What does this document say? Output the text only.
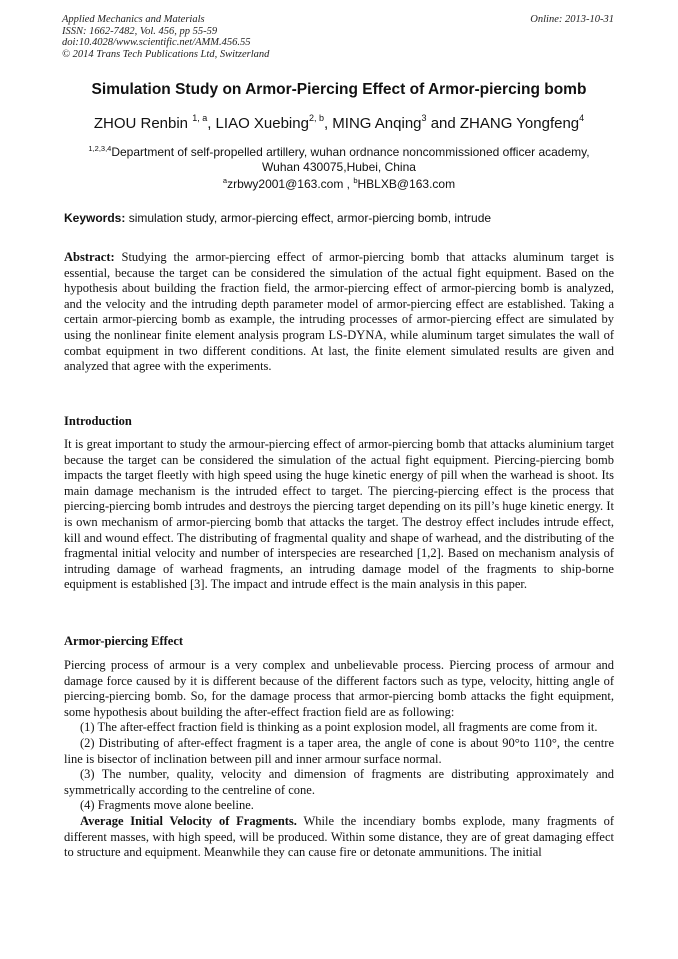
Applied Mechanics and Materials
ISSN: 1662-7482, Vol. 456, pp 55-59
doi:10.4028/www.scientific.net/AMM.456.55
© 2014 Trans Tech Publications Ltd, Switzerland
Online: 2013-10-31
Simulation Study on Armor-Piercing Effect of Armor-piercing bomb
ZHOU Renbin $^{1, a}$, LIAO Xuebing$^{2, b}$, MING Anqing$^3$ and ZHANG Yongfeng$^4$
$^{1,2,3,4}$Department of self-propelled artillery, wuhan ordnance noncommissioned officer academy,
Wuhan 430075,Hubei, China
$^a$zrbwy2001@163.com , $^b$HBLXB@163.com
Keywords: simulation study, armor-piercing effect, armor-piercing bomb, intrude

Abstract: Studying the armor-piercing effect of armor-piercing bomb that attacks aluminum target is essential, because the target can be considered the simulation of the actual fight equipment. Based on the hypothesis about building the fraction field, the armor-piercing effect of armor-piercing bomb is analyzed, and the velocity and the intruding depth parameter model of armor-piercing effect are established. Taking a certain armor-piercing bomb as example, the intruding processes of armor-piercing effect are simulated by using the nonlinear finite element analysis program LS-DYNA, while aluminum target simulates the wall of combat equipment in two different conditions. At last, the finite element simulated results are given and analyzed that agree with the experiments.

Introduction

It is great important to study the armour-piercing effect of armor-piercing bomb that attacks aluminium target because the target can be considered the simulation of the actual fight equipment. Piercing-piercing bomb impacts the target fleetly with high speed using the huge kinetic energy of pill when the warhead is shoot. Its main damage mechanism is the intruded effect to target. The piercing-piercing effect is the process that piercing-piercing bomb intrudes and destroys the piercing target depending on its pill’s huge kinetic energy. It is own mechanism of armor-piercing bomb that attacks the target. The destroy effect includes intrude effect, kill and wound effect. The distributing of fragmental quality and shape of warhead, and the distributing of the fragmental initial velocity and number of interspecies are researched [1,2]. Based on mechanism analysis of intruding damage of warhead fragments, an intruding damage model of the fragments to ship-borne equipment is established [3]. The impact and intrude effect is the main analysis in this paper.

Armor-piercing Effect

Piercing process of armour is a very complex and unbelievable process. Piercing process of armour and damage force caused by it is different because of the different factors such as type, velocity, hitting angle of piercing-piercing bomb. So, for the damage process that armor-piercing bomb attacks the fight equipment, some hypothesis about building the after-effect fraction field are as following:

(1) The after-effect fraction field is thinking as a point explosion model, all fragments are come from it.

(2) Distributing of after-effect fragment is a taper area, the angle of cone is about 90°to 110°, the centre line is bisector of inclination between pill and inner armour surface normal.

(3) The number, quality, velocity and dimension of fragments are distributing approximately and symmetrically according to the centreline of cone.

(4) Fragments move alone beeline.

Average Initial Velocity of Fragments. While the incendiary bombs explode, many fragments of different masses, with high speed, will be produced. Within some distance, they are of great damaging effect to structure and equipment. Meanwhile they can cause fire or detonate ammunitions. The initial
